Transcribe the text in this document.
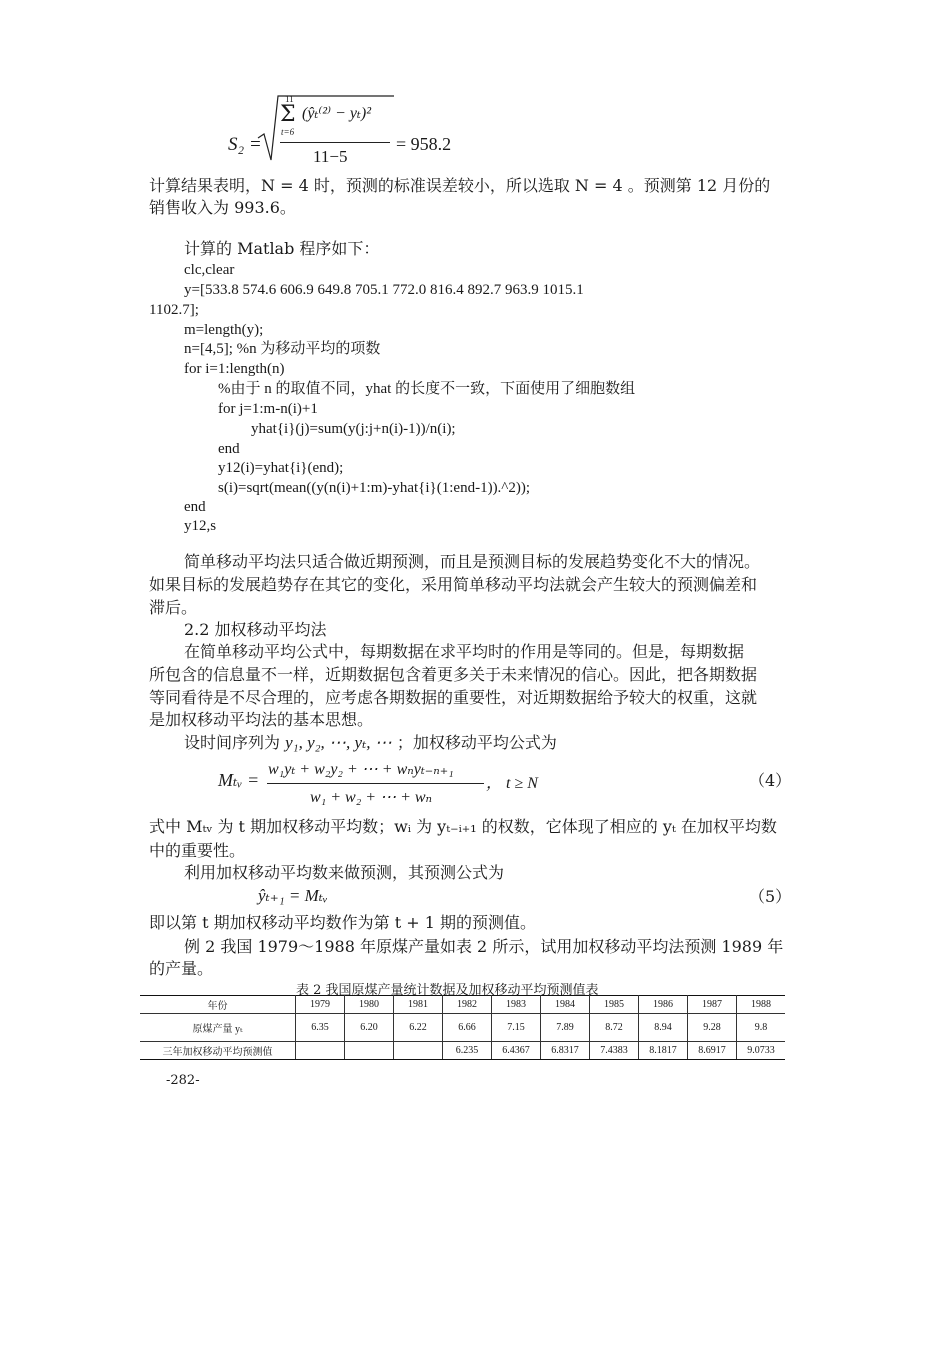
S₂ =
11
Σ
t=6
(ŷₜ⁽²⁾ − yₜ)²
11−5
= 958.2
计算结果表明，N = 4 时，预测的标准误差较小，所以选取 N = 4 。预测第 12 月份的
销售收入为 993.6。
计算的 Matlab 程序如下：
clc,clear
y=[533.8 574.6 606.9 649.8 705.1 772.0 816.4 892.7 963.9 1015.1
1102.7];
m=length(y);
n=[4,5]; %n 为移动平均的项数
for i=1:length(n)
%由于 n 的取值不同，yhat 的长度不一致，下面使用了细胞数组
for j=1:m-n(i)+1
yhat{i}(j)=sum(y(j:j+n(i)-1))/n(i);
end
y12(i)=yhat{i}(end);
s(i)=sqrt(mean((y(n(i)+1:m)-yhat{i}(1:end-1)).^2));
end
y12,s
简单移动平均法只适合做近期预测，而且是预测目标的发展趋势变化不大的情况。
如果目标的发展趋势存在其它的变化，采用简单移动平均法就会产生较大的预测偏差和
滞后。
2.2 加权移动平均法
在简单移动平均公式中，每期数据在求平均时的作用是等同的。但是，每期数据
所包含的信息量不一样，近期数据包含着更多关于未来情况的信心。因此，把各期数据
等同看待是不尽合理的，应考虑各期数据的重要性，对近期数据给予较大的权重，这就
是加权移动平均法的基本思想。
设时间序列为 y₁, y₂, ⋯, yₜ, ⋯ ；加权移动平均公式为
Mₜᵥ =
w₁yₜ + w₂y₂ + ⋯ + wₙyₜ₋ₙ₊₁
w₁ + w₂ + ⋯ + wₙ
， t ≥ N	（4）
式中 Mₜᵥ 为 t 期加权移动平均数；wᵢ 为 yₜ₋ᵢ₊₁ 的权数，它体现了相应的 yₜ 在加权平均数
中的重要性。
利用加权移动平均数来做预测，其预测公式为
ŷₜ₊₁ = Mₜᵥ	（5）
即以第 t 期加权移动平均数作为第 t + 1 期的预测值。
例 2 我国 1979～1988 年原煤产量如表 2 所示，试用加权移动平均法预测 1989 年
的产量。
表 2 我国原煤产量统计数据及加权移动平均预测值表
年份	1979	1980	1981	1982	1983	1984	1985	1986	1987	1988
原煤产量 yₜ	6.35	6.20	6.22	6.66	7.15	7.89	8.72	8.94	9.28	9.8
三年加权移动平均预测值				6.235	6.4367	6.8317	7.4383	8.1817	8.6917	9.0733
-282-
